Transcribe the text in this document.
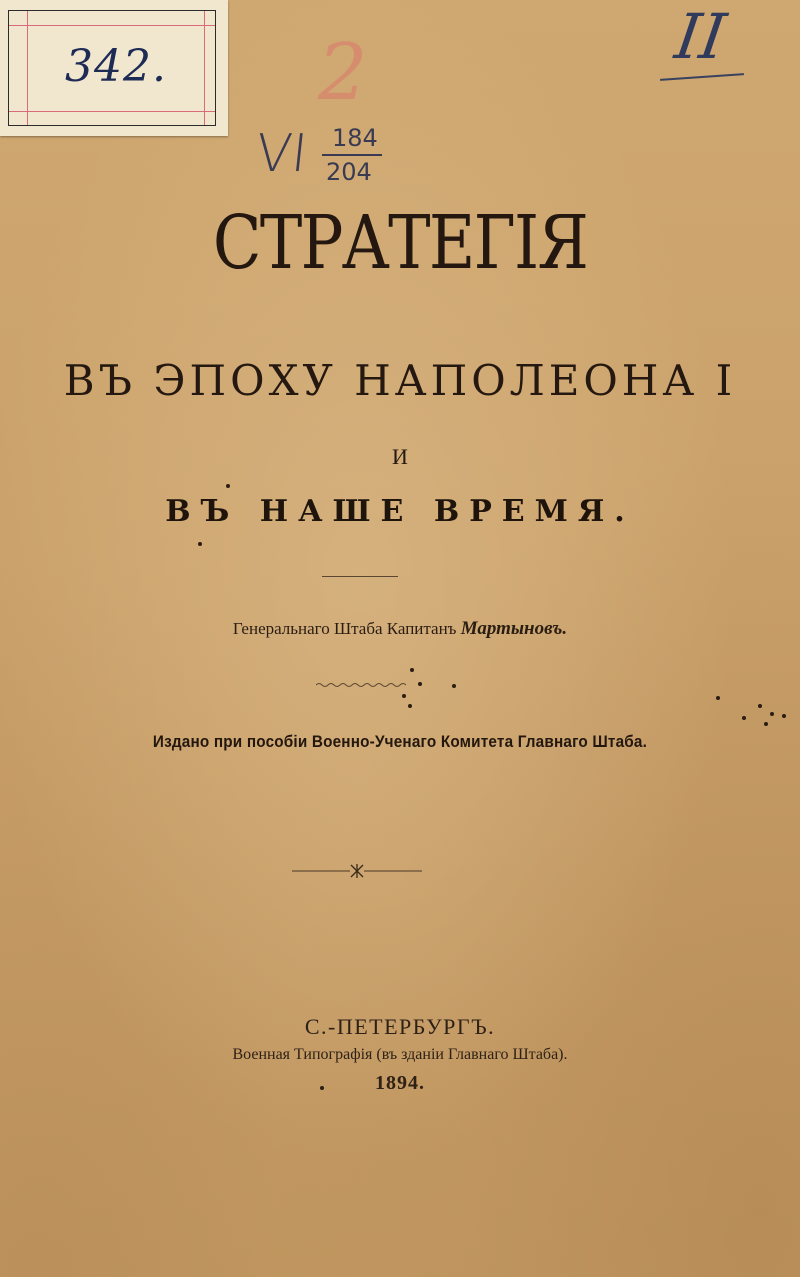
342.	II
2
VI 184
204
СТРАТЕГІЯ
ВЪ ЭПОХУ НАПОЛЕОНА I
И
ВЪ НАШЕ ВРЕМЯ.
Генеральнаго Штаба Капитанъ Мартыновъ.
Издано при пособіи Военно-Ученаго Комитета Главнаго Штаба.
С.-ПЕТЕРБУРГЪ.
Военная Типографія (въ зданіи Главнаго Штаба).
1894.
